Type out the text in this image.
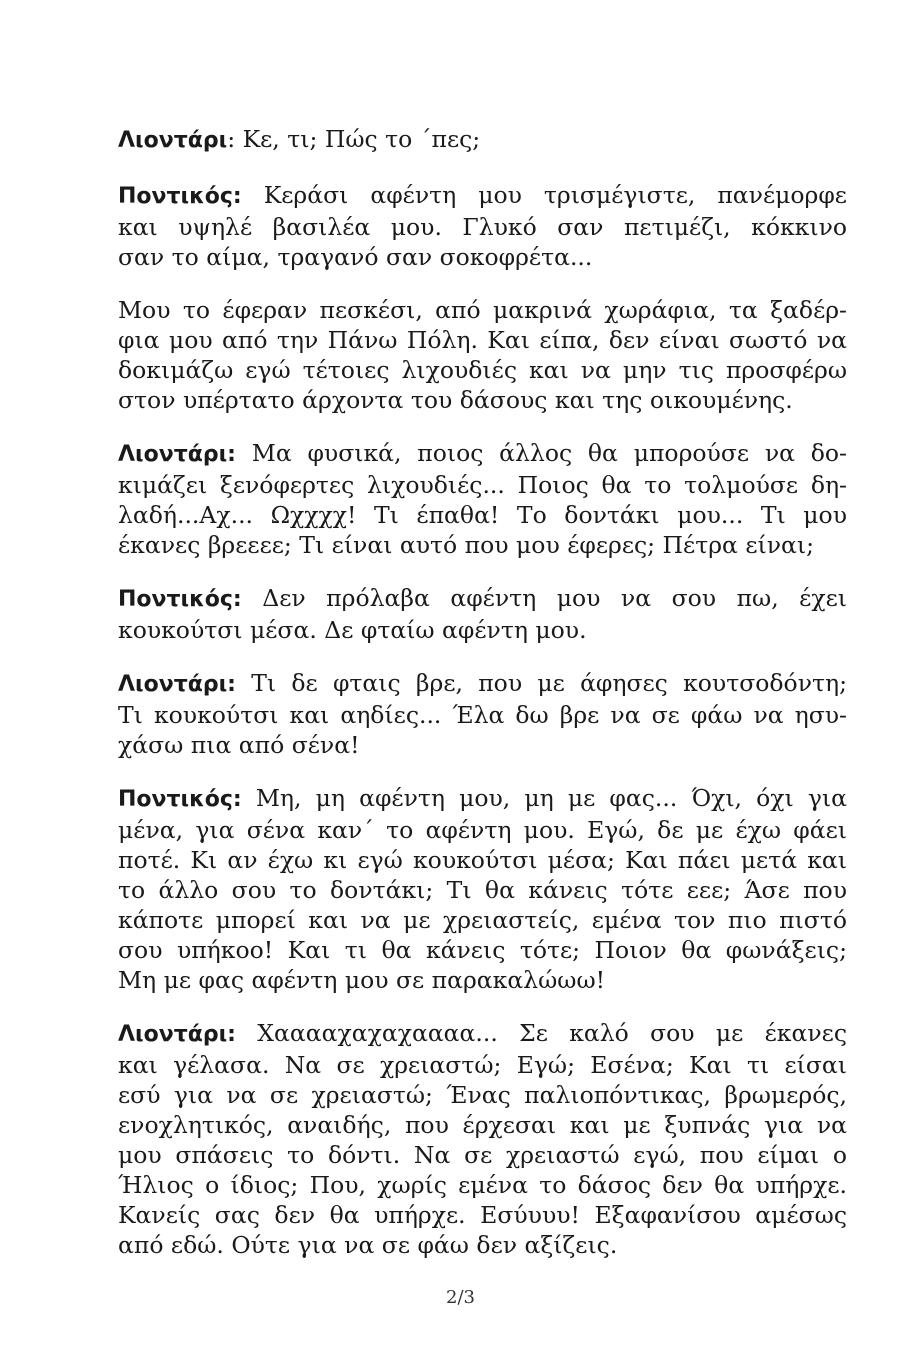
Λιοντάρι: Κε, τι; Πώς το ΄πες;
Ποντικός: Κεράσι αφέντη μου τρισμέγιστε, πανέμορφε
και υψηλέ βασιλέα μου. Γλυκό σαν πετιμέζι, κόκκινο
σαν το αίμα, τραγανό σαν σοκοφρέτα...
Μου το έφεραν πεσκέσι, από μακρινά χωράφια, τα ξαδέρ-
φια μου από την Πάνω Πόλη. Και είπα, δεν είναι σωστό να
δοκιμάζω εγώ τέτοιες λιχουδιές και να μην τις προσφέρω
στον υπέρτατο άρχοντα του δάσους και της οικουμένης.
Λιοντάρι: Μα φυσικά, ποιος άλλος θα μπορούσε να δο-
κιμάζει ξενόφερτες λιχουδιές... Ποιος θα το τολμούσε δη-
λαδή...Αχ... Ωχχχχ! Τι έπαθα! Το δοντάκι μου... Τι μου
έκανες βρεεεε; Τι είναι αυτό που μου έφερες; Πέτρα είναι;
Ποντικός: Δεν πρόλαβα αφέντη μου να σου πω, έχει
κουκούτσι μέσα. Δε φταίω αφέντη μου.
Λιοντάρι: Τι δε φταις βρε, που με άφησες κουτσοδόντη;
Τι κουκούτσι και αηδίες... Έλα δω βρε να σε φάω να ησυ-
χάσω πια από σένα!
Ποντικός: Μη, μη αφέντη μου, μη με φας... Όχι, όχι για
μένα, για σένα καν΄ το αφέντη μου. Εγώ, δε με έχω φάει
ποτέ. Κι αν έχω κι εγώ κουκούτσι μέσα; Και πάει μετά και
το άλλο σου το δοντάκι; Τι θα κάνεις τότε εεε; Άσε που
κάποτε μπορεί και να με χρειαστείς, εμένα τον πιο πιστό
σου υπήκοο! Και τι θα κάνεις τότε; Ποιον θα φωνάξεις;
Μη με φας αφέντη μου σε παρακαλώωω!
Λιοντάρι: Χααααχαχαχαααα... Σε καλό σου με έκανες
και γέλασα. Να σε χρειαστώ; Εγώ; Εσένα; Και τι είσαι
εσύ για να σε χρειαστώ; Ένας παλιοπόντικας, βρωμερός,
ενοχλητικός, αναιδής, που έρχεσαι και με ξυπνάς για να
μου σπάσεις το δόντι. Να σε χρειαστώ εγώ, που είμαι ο
Ήλιος ο ίδιος; Που, χωρίς εμένα το δάσος δεν θα υπήρχε.
Κανείς σας δεν θα υπήρχε. Εσύυυυ! Εξαφανίσου αμέσως
από εδώ. Ούτε για να σε φάω δεν αξίζεις.
2/3
